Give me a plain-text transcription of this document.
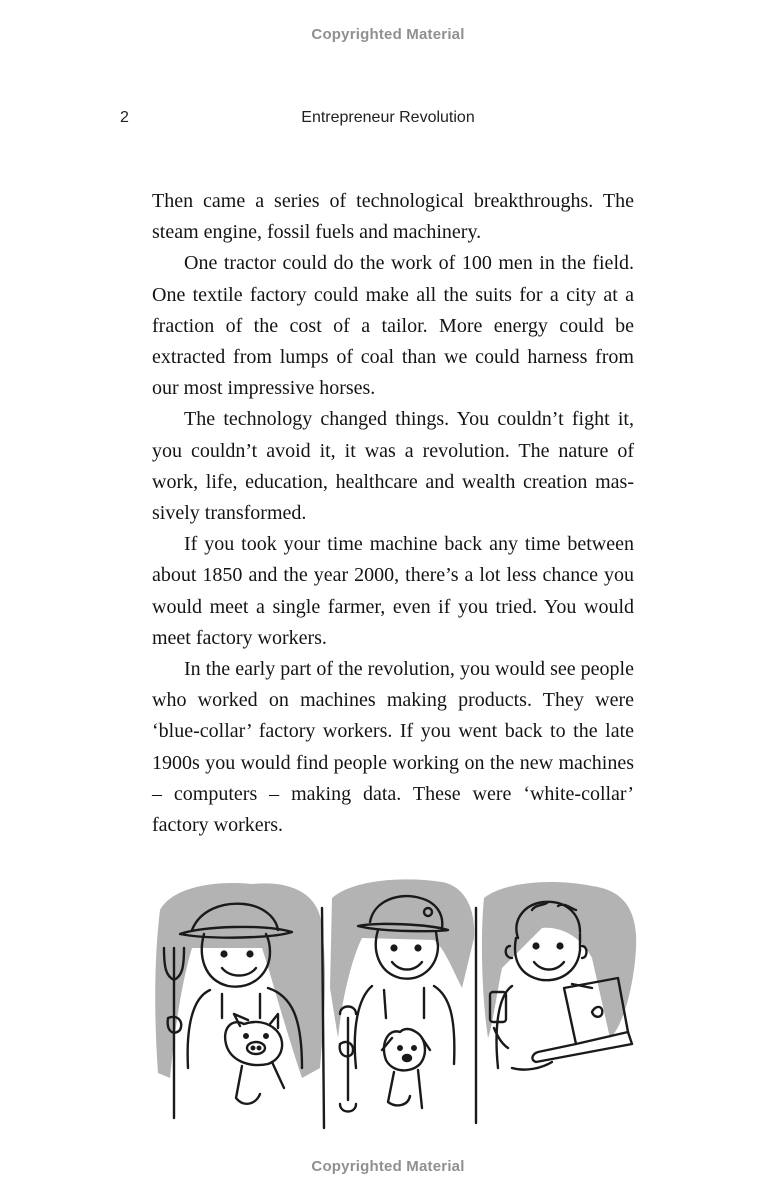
Copyrighted Material
2	Entrepreneur Revolution

Then came a series of technological breakthroughs. The steam engine, fossil fuels and machinery.

One tractor could do the work of 100 men in the field. One textile factory could make all the suits for a city at a fraction of the cost of a tailor. More energy could be extracted from lumps of coal than we could harness from our most impressive horses.

The technology changed things. You couldn’t fight it, you couldn’t avoid it, it was a revolution. The nature of work, life, education, healthcare and wealth creation massively transformed.

If you took your time machine back any time between about 1850 and the year 2000, there’s a lot less chance you would meet a single farmer, even if you tried. You would meet factory workers.

In the early part of the revolution, you would see people who worked on machines making products. They were ‘blue-collar’ factory workers. If you went back to the late 1900s you would find people working on the new machines – computers – making data. These were ‘white-collar’ factory workers.

Copyrighted Material
